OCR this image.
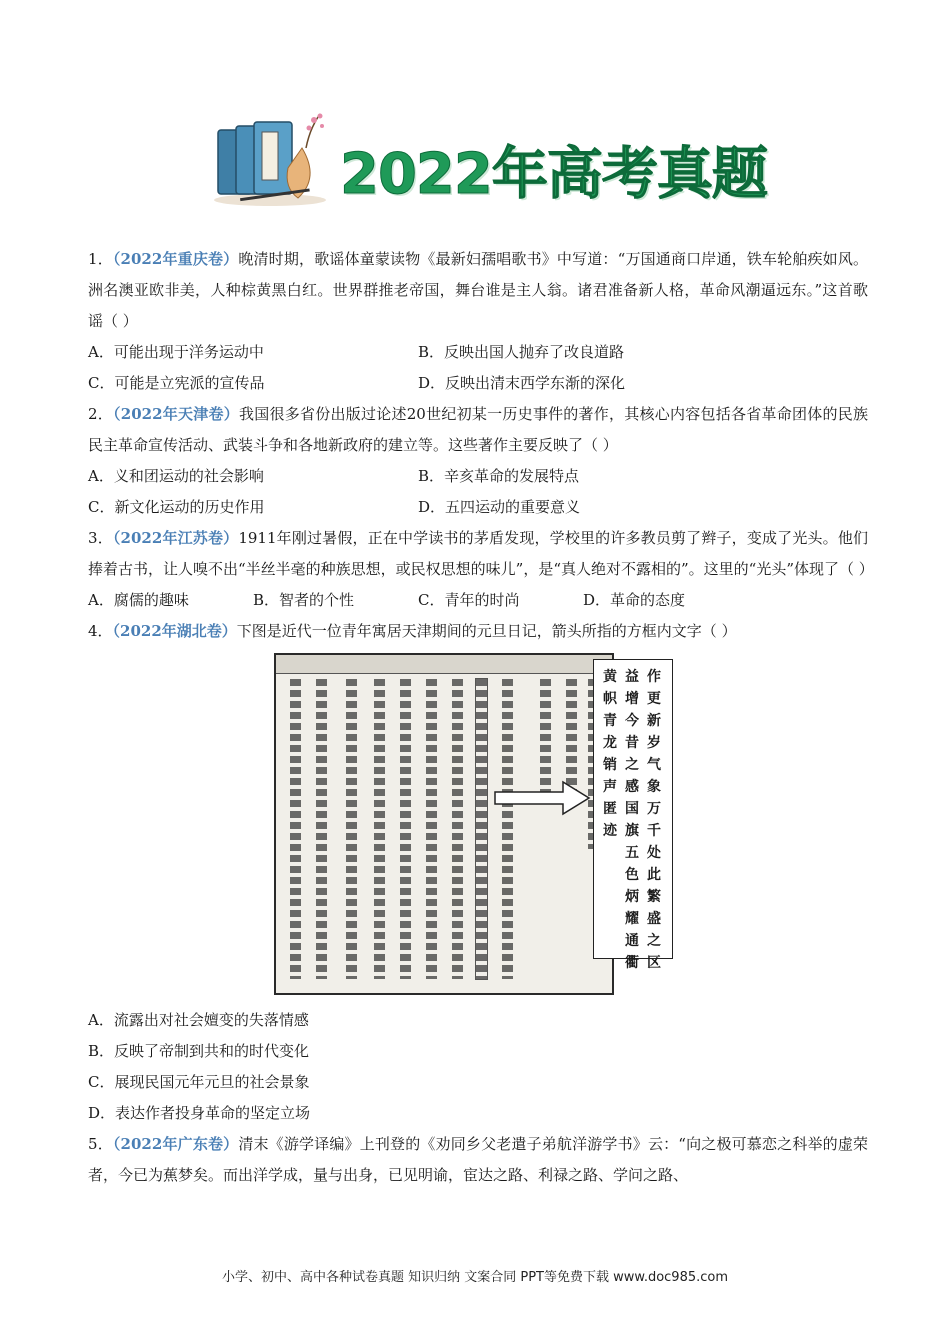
2022年高考真题

1．（2022年重庆卷）晚清时期，歌谣体童蒙读物《最新妇孺唱歌书》中写道：“万国通商口岸通，铁车轮舶疾如风。洲名澳亚欧非美，人种棕黄黑白红。世界群推老帝国，舞台谁是主人翁。诸君准备新人格，革命风潮逼远东。”这首歌谣（ ）

A．可能出现于洋务运动中	B．反映出国人抛弃了改良道路

C．可能是立宪派的宣传品	D．反映出清末西学东渐的深化

2．（2022年天津卷）我国很多省份出版过论述20世纪初某一历史事件的著作，其核心内容包括各省革命团体的民族民主革命宣传活动、武装斗争和各地新政府的建立等。这些著作主要反映了（ ）

A．义和团运动的社会影响	B．辛亥革命的发展特点

C．新文化运动的历史作用	D．五四运动的重要意义

3．（2022年江苏卷）1911年刚过暑假，正在中学读书的茅盾发现，学校里的许多教员剪了辫子，变成了光头。他们捧着古书，让人嗅不出“半丝半毫的种族思想，或民权思想的味儿”，是“真人绝对不露相的”。这里的“光头”体现了（ ）

A．腐儒的趣味	B．智者的个性	C．青年的时尚	D．革命的态度

4．（2022年湖北卷）下图是近代一位青年寓居天津期间的元旦日记，箭头所指的方框内文字（ ）

作更新岁气象万千处此繁盛之区
益增今昔之感国旗五色炳耀通衢
黄帜青龙销声匿迹

A．流露出对社会嬗变的失落情感

B．反映了帝制到共和的时代变化

C．展现民国元年元旦的社会景象

D．表达作者投身革命的坚定立场

5．（2022年广东卷）清末《游学译编》上刊登的《劝同乡父老遣子弟航洋游学书》云：“向之极可慕恋之科举的虚荣者，今已为蕉梦矣。而出洋学成，量与出身，已见明谕，宦达之路、利禄之路、学问之路、

小学、初中、高中各种试卷真题 知识归纳 文案合同 PPT等免费下载 www.doc985.com
